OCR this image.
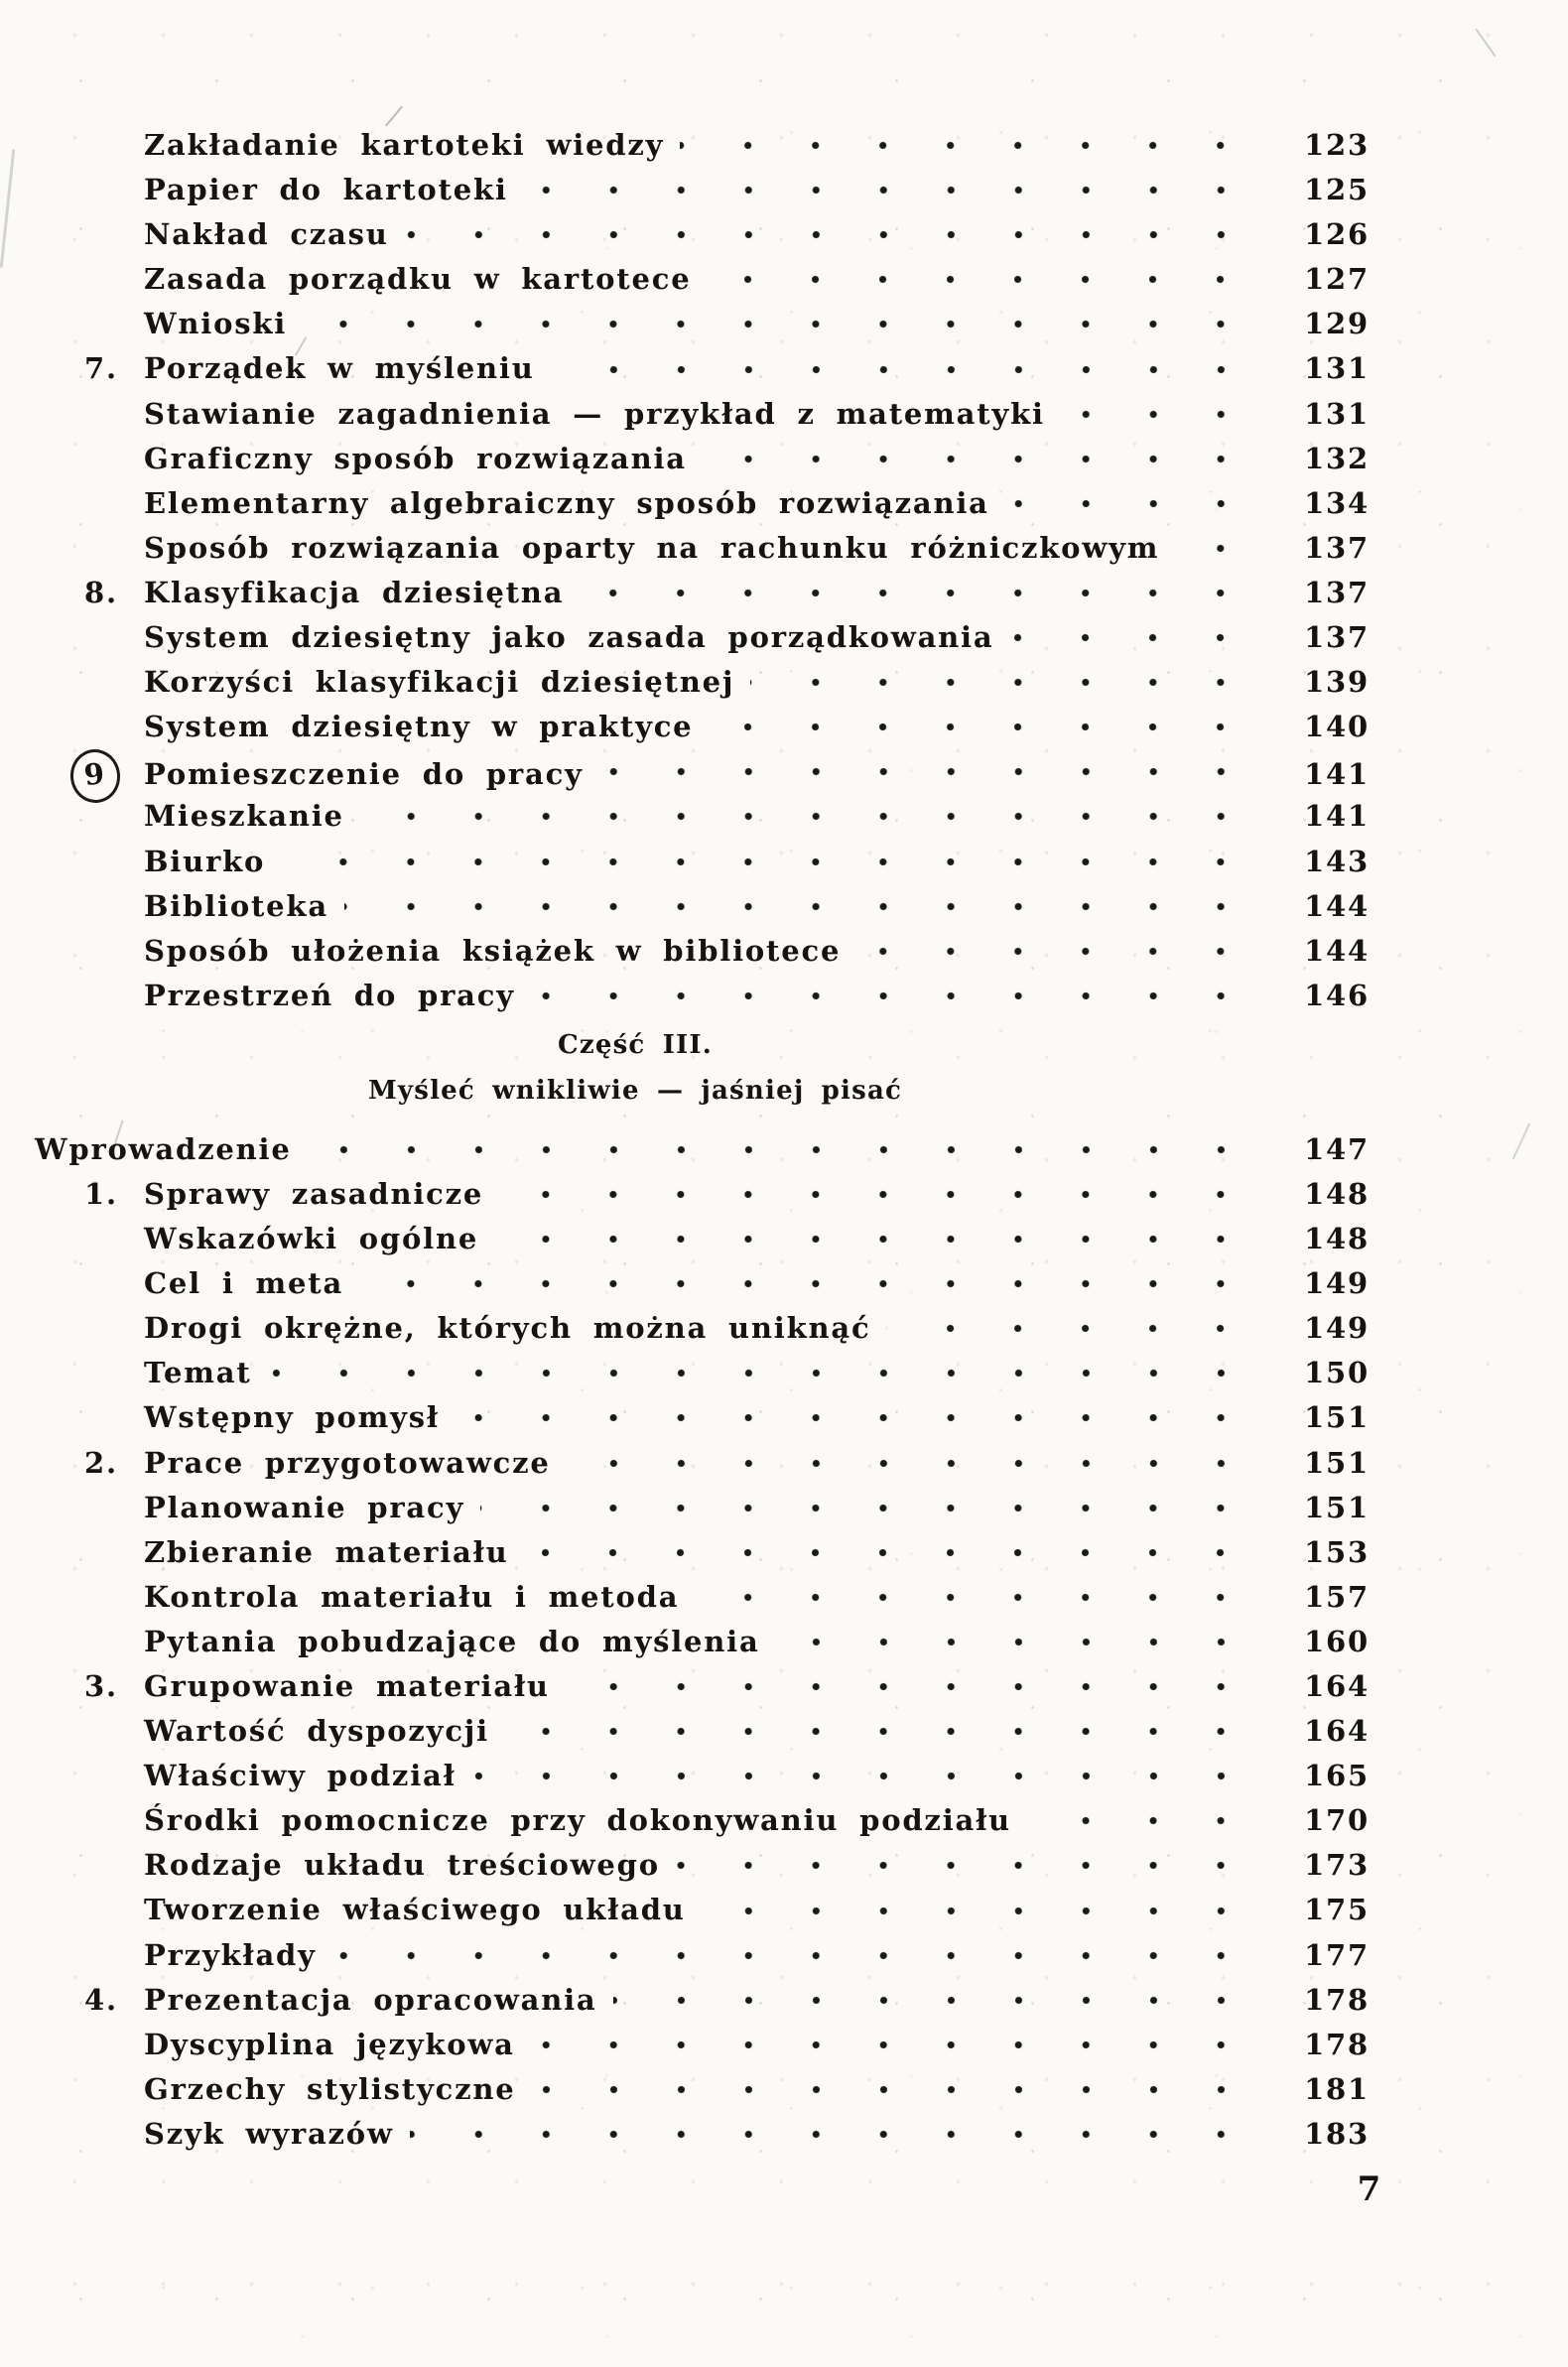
Zakładanie kartoteki wiedzy	123
Papier do kartoteki	125
Nakład czasu	126
Zasada porządku w kartotece	127
Wnioski	129
7. Porządek w myśleniu	131
Stawianie zagadnienia — przykład z matematyki	131
Graficzny sposób rozwiązania	132
Elementarny algebraiczny sposób rozwiązania	134
Sposób rozwiązania oparty na rachunku różniczkowym	137
8. Klasyfikacja dziesiętna	137
System dziesiętny jako zasada porządkowania	137
Korzyści klasyfikacji dziesiętnej	139
System dziesiętny w praktyce	140
9	Pomieszczenie do pracy	141
Mieszkanie	141
Biurko	143
Biblioteka	144
Sposób ułożenia książek w bibliotece	144
Przestrzeń do pracy	146
Część III.
Myśleć wnikliwie — jaśniej pisać
Wprowadzenie	147
1. Sprawy zasadnicze	148
Wskazówki ogólne	148
Cel i meta	149
Drogi okrężne, których można uniknąć	149
Temat	150
Wstępny pomysł	151
2. Prace przygotowawcze	151
Planowanie pracy	151
Zbieranie materiału	153
Kontrola materiału i metoda	157
Pytania pobudzające do myślenia	160
3. Grupowanie materiału	164
Wartość dyspozycji	164
Właściwy podział	165
Środki pomocnicze przy dokonywaniu podziału	170
Rodzaje układu treściowego	173
Tworzenie właściwego układu	175
Przykłady	177
4. Prezentacja opracowania	178
Dyscyplina językowa	178
Grzechy stylistyczne	181
Szyk wyrazów	183
7
